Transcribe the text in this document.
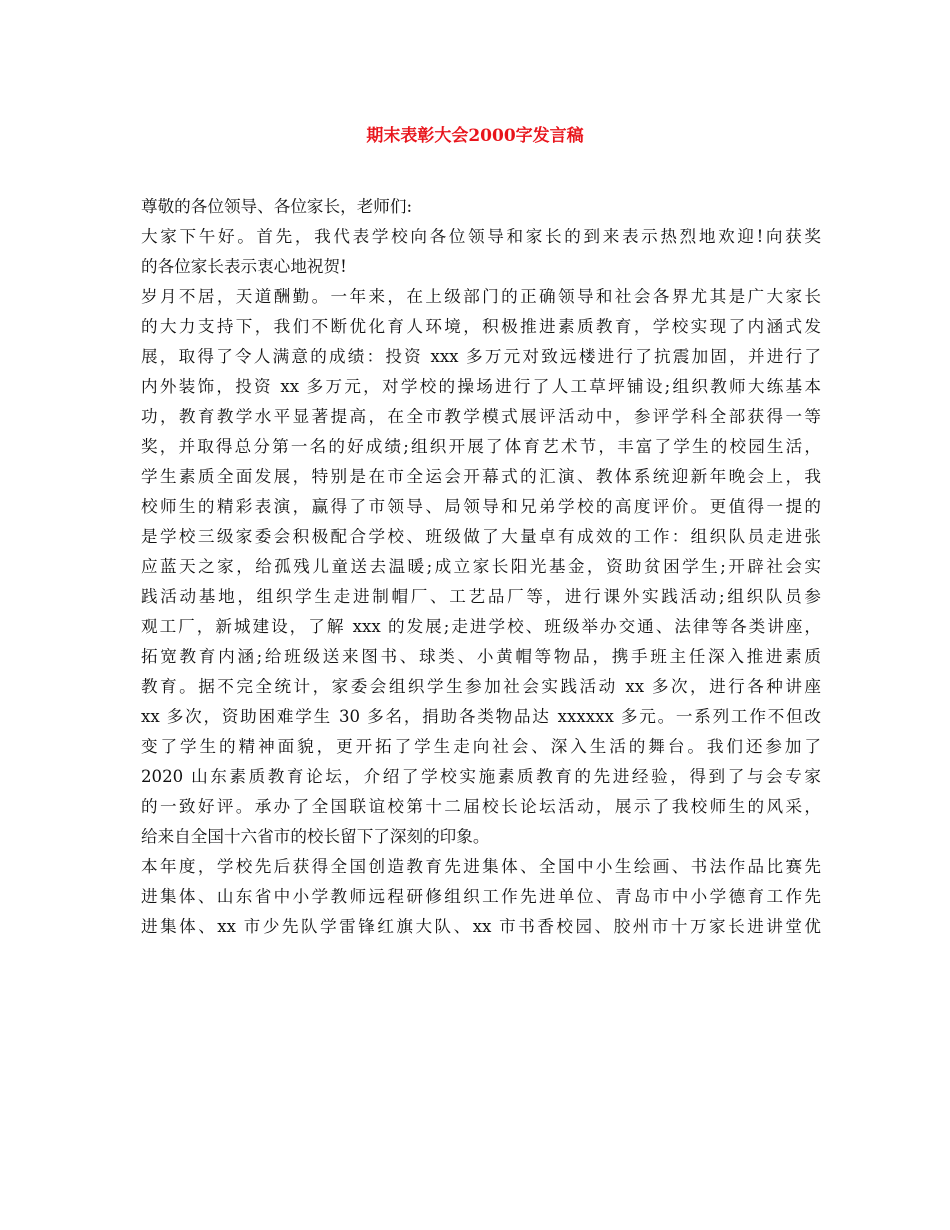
期末表彰大会2000字发言稿
尊敬的各位领导、各位家长，老师们:
大家下午好。首先，我代表学校向各位领导和家长的到来表示热烈地欢迎!向获奖
的各位家长表示衷心地祝贺!
岁月不居，天道酬勤。一年来，在上级部门的正确领导和社会各界尤其是广大家长
的大力支持下，我们不断优化育人环境，积极推进素质教育，学校实现了内涵式发
展，取得了令人满意的成绩：投资 xxx 多万元对致远楼进行了抗震加固，并进行了
内外装饰，投资 xx 多万元，对学校的操场进行了人工草坪铺设;组织教师大练基本
功，教育教学水平显著提高，在全市教学模式展评活动中，参评学科全部获得一等
奖，并取得总分第一名的好成绩;组织开展了体育艺术节，丰富了学生的校园生活，
学生素质全面发展，特别是在市全运会开幕式的汇演、教体系统迎新年晚会上，我
校师生的精彩表演，赢得了市领导、局领导和兄弟学校的高度评价。更值得一提的
是学校三级家委会积极配合学校、班级做了大量卓有成效的工作：组织队员走进张
应蓝天之家，给孤残儿童送去温暖;成立家长阳光基金，资助贫困学生;开辟社会实
践活动基地，组织学生走进制帽厂、工艺品厂等，进行课外实践活动;组织队员参
观工厂，新城建设，了解 xxx 的发展;走进学校、班级举办交通、法律等各类讲座，
拓宽教育内涵;给班级送来图书、球类、小黄帽等物品，携手班主任深入推进素质
教育。据不完全统计，家委会组织学生参加社会实践活动 xx 多次，进行各种讲座
xx 多次，资助困难学生 30 多名，捐助各类物品达 xxxxxx 多元。一系列工作不但改
变了学生的精神面貌，更开拓了学生走向社会、深入生活的舞台。我们还参加了
2020 山东素质教育论坛，介绍了学校实施素质教育的先进经验，得到了与会专家
的一致好评。承办了全国联谊校第十二届校长论坛活动，展示了我校师生的风采，
给来自全国十六省市的校长留下了深刻的印象。
本年度，学校先后获得全国创造教育先进集体、全国中小生绘画、书法作品比赛先
进集体、山东省中小学教师远程研修组织工作先进单位、青岛市中小学德育工作先
进集体、xx 市少先队学雷锋红旗大队、xx 市书香校园、胶州市十万家长进讲堂优
